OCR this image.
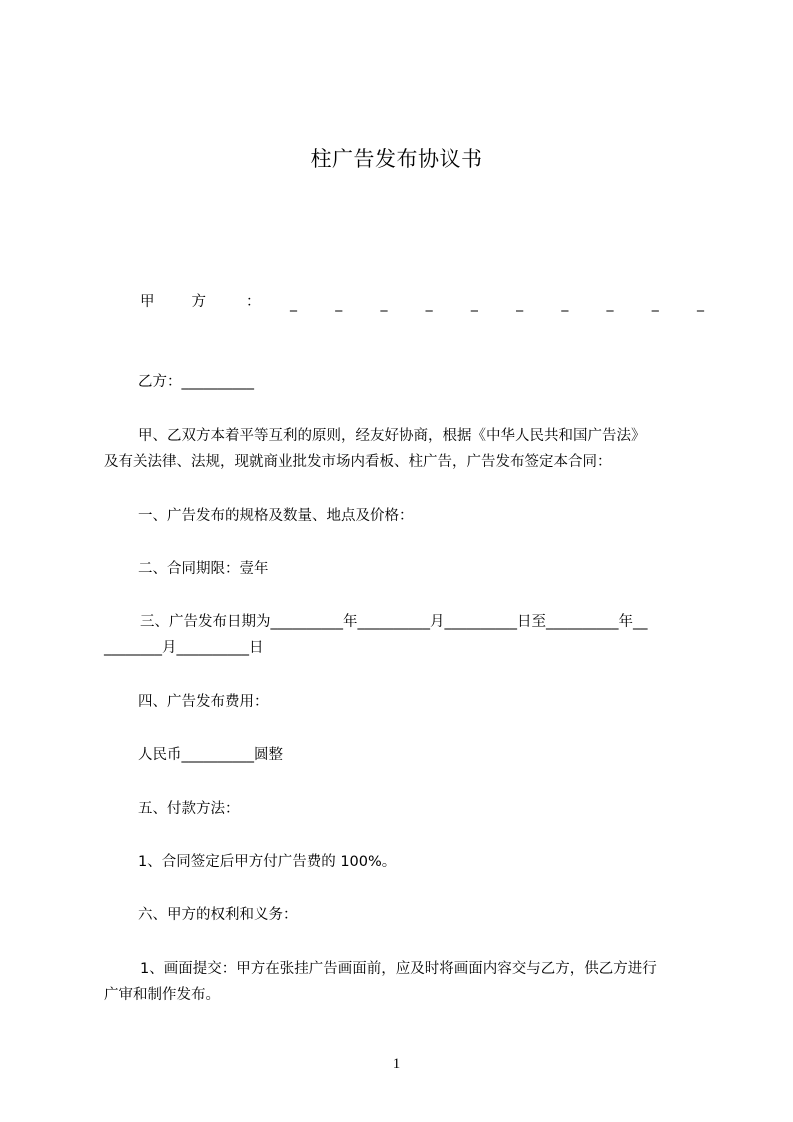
柱广告发布协议书
甲	方	： _	_	_	_	_	_	_	_	_	_
乙方：__________
甲、乙双方本着平等互利的原则，经友好协商，根据《中华人民共和国广告法》
及有关法律、法规，现就商业批发市场内看板、柱广告，广告发布签定本合同：
一、广告发布的规格及数量、地点及价格：
二、合同期限：壹年
三、广告发布日期为__________年__________月__________日至__________年__
________月__________日
四、广告发布费用：
人民币__________圆整
五、付款方法：
1、合同签定后甲方付广告费的 100%。
六、甲方的权利和义务：
1、画面提交：甲方在张挂广告画面前，应及时将画面内容交与乙方，供乙方进行
广审和制作发布。
1
